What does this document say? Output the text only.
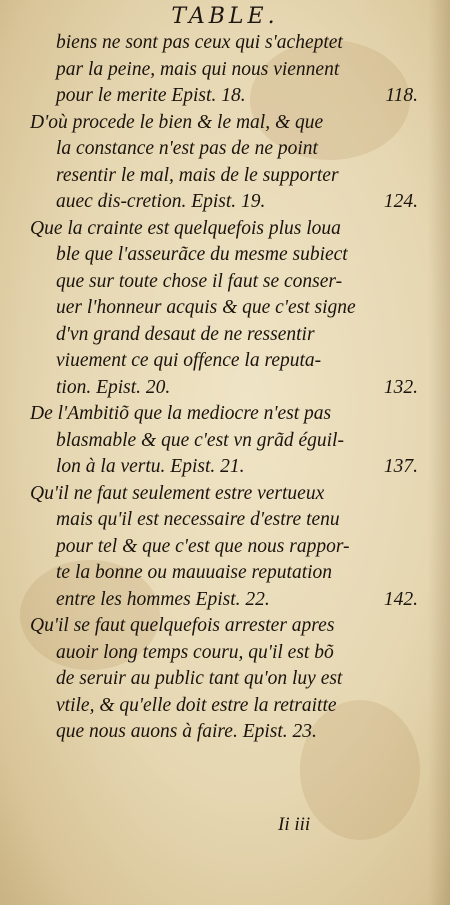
TABLE.
biens ne sont pas ceux qui s'acheptet
par la peine, mais qui nous viennent
pour le merite Epist. 18.	118.
D'où procede le bien & le mal, & que
la constance n'est pas de ne point
resentir le mal, mais de le supporter
auec dis-cretion. Epist. 19.	124.
Que la crainte est quelquefois plus loua
ble que l'asseurãce du mesme subiect
que sur toute chose il faut se conser-
uer l'honneur acquis & que c'est signe
d'vn grand desaut de ne ressentir
viuement ce qui offence la reputa-
tion. Epist. 20.	132.
De l'Ambitiõ que la mediocre n'est pas
blasmable & que c'est vn grãd éguil-
lon à la vertu. Epist. 21.	137.
Qu'il ne faut seulement estre vertueux
mais qu'il est necessaire d'estre tenu
pour tel & que c'est que nous rappor-
te la bonne ou mauuaise reputation
entre les hommes Epist. 22.	142.
Qu'il se faut quelquefois arrester apres
auoir long temps couru, qu'il est bõ
de seruir au public tant qu'on luy est
vtile, & qu'elle doit estre la retraitte
que nous auons à faire. Epist. 23.
Ii iii
